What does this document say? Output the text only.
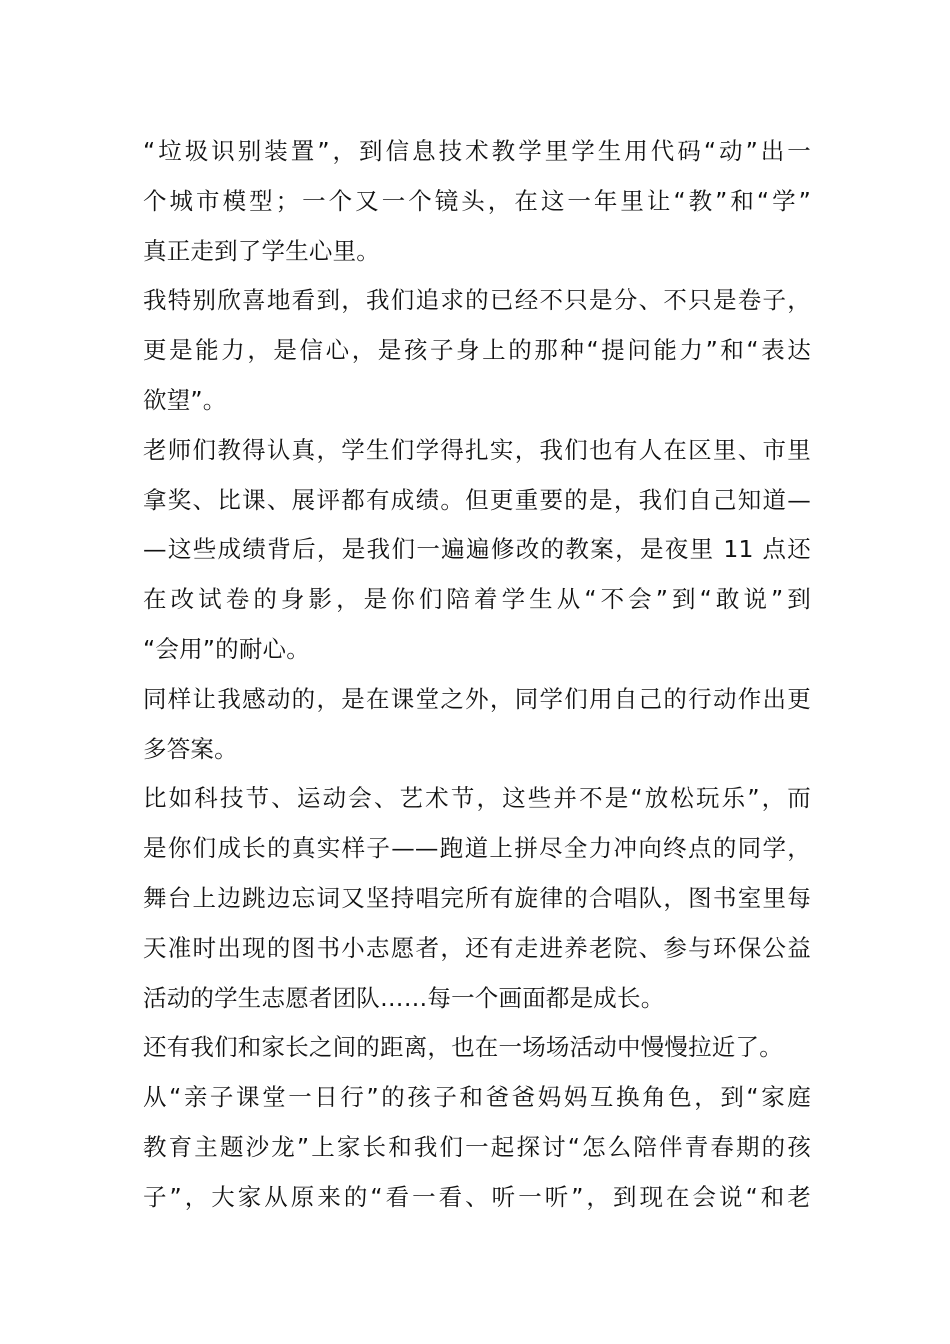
“垃圾识别装置”，到信息技术教学里学生用代码“动”出一
个城市模型；一个又一个镜头，在这一年里让“教”和“学”
真正走到了学生心里。
我特别欣喜地看到，我们追求的已经不只是分、不只是卷子，
更是能力，是信心，是孩子身上的那种“提问能力”和“表达
欲望”。
老师们教得认真，学生们学得扎实，我们也有人在区里、市里
拿奖、比课、展评都有成绩。但更重要的是，我们自己知道—
—这些成绩背后，是我们一遍遍修改的教案，是夜里 11 点还
在改试卷的身影，是你们陪着学生从“不会”到“敢说”到
“会用”的耐心。
同样让我感动的，是在课堂之外，同学们用自己的行动作出更
多答案。
比如科技节、运动会、艺术节，这些并不是“放松玩乐”，而
是你们成长的真实样子——跑道上拼尽全力冲向终点的同学，
舞台上边跳边忘词又坚持唱完所有旋律的合唱队，图书室里每
天准时出现的图书小志愿者，还有走进养老院、参与环保公益
活动的学生志愿者团队……每一个画面都是成长。
还有我们和家长之间的距离，也在一场场活动中慢慢拉近了。
从“亲子课堂一日行”的孩子和爸爸妈妈互换角色，到“家庭
教育主题沙龙”上家长和我们一起探讨“怎么陪伴青春期的孩
子”，大家从原来的“看一看、听一听”，到现在会说“和老
